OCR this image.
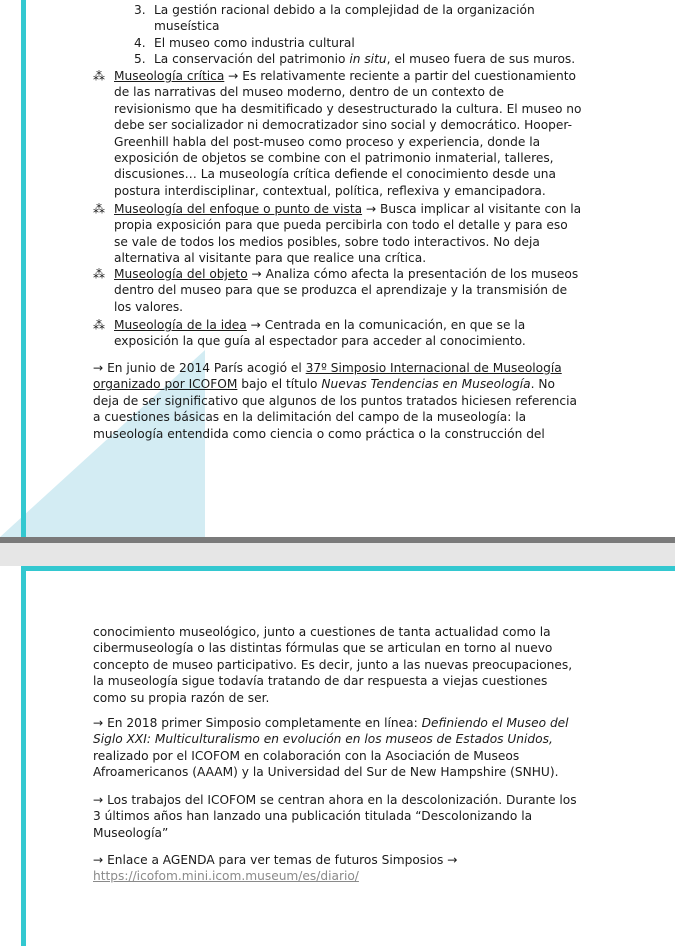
17
3. La gestión racional debido a la complejidad de la organización museística
4. El museo como industria cultural
5. La conservación del patrimonio in situ, el museo fuera de sus muros.
⁂ Museología crítica → Es relativamente reciente a partir del cuestionamiento de las narrativas del museo moderno, dentro de un contexto de revisionismo que ha desmitificado y desestructurado la cultura. El museo no debe ser socializador ni democratizador sino social y democrático. Hooper-Greenhill habla del post-museo como proceso y experiencia, donde la exposición de objetos se combine con el patrimonio inmaterial, talleres, discusiones… La museología crítica defiende el conocimiento desde una postura interdisciplinar, contextual, política, reflexiva y emancipadora.
⁂ Museología del enfoque o punto de vista → Busca implicar al visitante con la propia exposición para que pueda percibirla con todo el detalle y para eso se vale de todos los medios posibles, sobre todo interactivos. No deja alternativa al visitante para que realice una crítica.
⁂ Museología del objeto → Analiza cómo afecta la presentación de los museos dentro del museo para que se produzca el aprendizaje y la transmisión de los valores.
⁂ Museología de la idea → Centrada en la comunicación, en que se la exposición la que guía al espectador para acceder al conocimiento.
→ En junio de 2014 París acogió el 37º Simposio Internacional de Museología organizado por ICOFOM bajo el título Nuevas Tendencias en Museología. No deja de ser significativo que algunos de los puntos tratados hiciesen referencia a cuestiones básicas en la delimitación del campo de la museología: la museología entendida como ciencia o como práctica o la construcción del
conocimiento museológico, junto a cuestiones de tanta actualidad como la cibermuseología o las distintas fórmulas que se articulan en torno al nuevo concepto de museo participativo. Es decir, junto a las nuevas preocupaciones, la museología sigue todavía tratando de dar respuesta a viejas cuestiones como su propia razón de ser.
→ En 2018 primer Simposio completamente en línea: Definiendo el Museo del Siglo XXI: Multiculturalismo en evolución en los museos de Estados Unidos, realizado por el ICOFOM en colaboración con la Asociación de Museos Afroamericanos (AAAM) y la Universidad del Sur de New Hampshire (SNHU).
→ Los trabajos del ICOFOM se centran ahora en la descolonización. Durante los 3 últimos años han lanzado una publicación titulada “Descolonizando la Museología”
→ Enlace a AGENDA para ver temas de futuros Simposios →
https://icofom.mini.icom.museum/es/diario/
